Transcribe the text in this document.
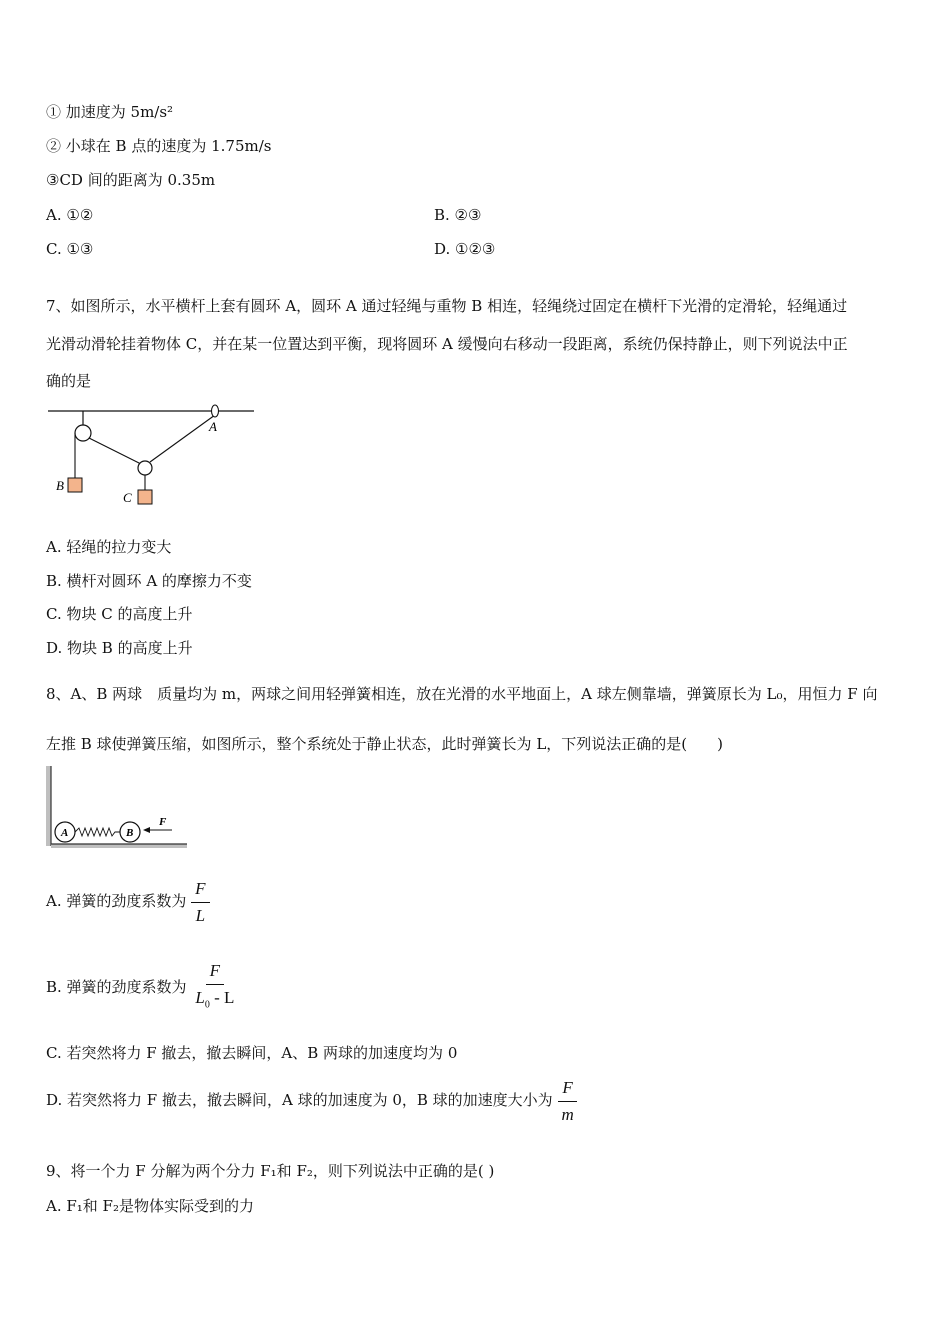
① 加速度为 5m/s²
② 小球在 B 点的速度为 1.75m/s
③CD 间的距离为 0.35m
A. ①②	B. ②③
C. ①③	D. ①②③
7、如图所示，水平横杆上套有圆环 A，圆环 A 通过轻绳与重物 B 相连，轻绳绕过固定在横杆下光滑的定滑轮，轻绳通过
光滑动滑轮挂着物体 C，并在某一位置达到平衡，现将圆环 A 缓慢向右移动一段距离，系统仍保持静止，则下列说法中正
确的是
A
B
C
A. 轻绳的拉力变大
B. 横杆对圆环 A 的摩擦力不变
C. 物块 C 的高度上升
D. 物块 B 的高度上升
8、A、B 两球　质量均为 m，两球之间用轻弹簧相连，放在光滑的水平地面上，A 球左侧靠墙，弹簧原长为 L₀，用恒力 F 向
左推 B 球使弹簧压缩，如图所示，整个系统处于静止状态，此时弹簧长为 L，下列说法正确的是(　　)
A	B
F
A. 弹簧的劲度系数为 $\frac{F}{L}$
B. 弹簧的劲度系数为 $\frac{F}{L_0 - L}$
C. 若突然将力 F 撤去，撤去瞬间，A、B 两球的加速度均为 0
D. 若突然将力 F 撤去，撤去瞬间，A 球的加速度为 0，B 球的加速度大小为 $\frac{F}{m}$
9、将一个力 F 分解为两个分力 F₁和 F₂，则下列说法中正确的是( )
A. F₁和 F₂是物体实际受到的力
